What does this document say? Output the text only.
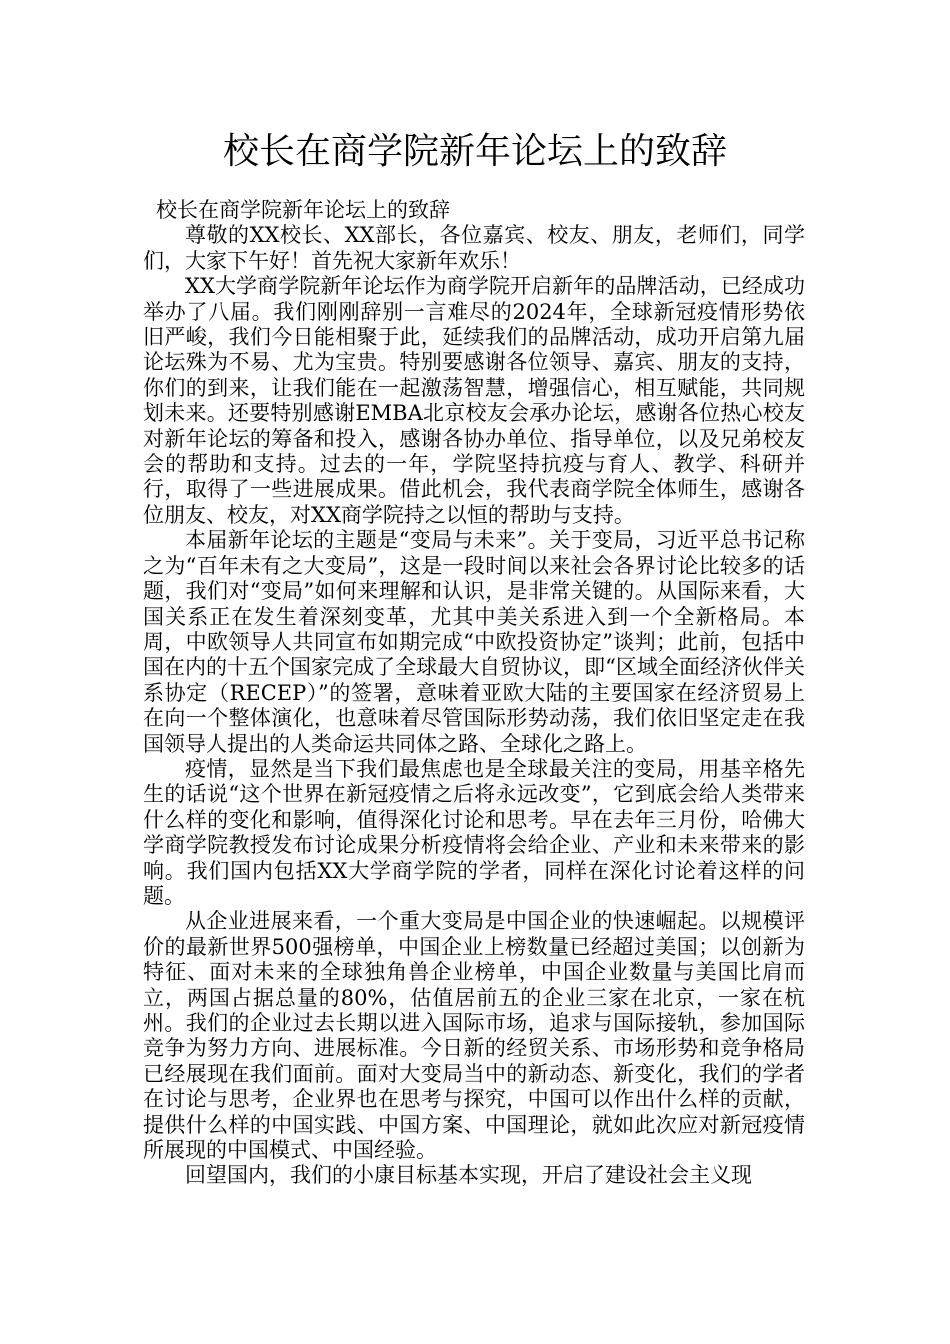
校长在商学院新年论坛上的致辞

校长在商学院新年论坛上的致辞

尊敬的XX校长、XX部长，各位嘉宾、校友、朋友，老师们，同学们，大家下午好！首先祝大家新年欢乐！

XX大学商学院新年论坛作为商学院开启新年的品牌活动，已经成功举办了八届。我们刚刚辞别一言难尽的2024年，全球新冠疫情形势依旧严峻，我们今日能相聚于此，延续我们的品牌活动，成功开启第九届论坛殊为不易、尤为宝贵。特别要感谢各位领导、嘉宾、朋友的支持，你们的到来，让我们能在一起激荡智慧，增强信心，相互赋能，共同规划未来。还要特别感谢EMBA北京校友会承办论坛，感谢各位热心校友对新年论坛的筹备和投入，感谢各协办单位、指导单位，以及兄弟校友会的帮助和支持。过去的一年，学院坚持抗疫与育人、教学、科研并行，取得了一些进展成果。借此机会，我代表商学院全体师生，感谢各位朋友、校友，对XX商学院持之以恒的帮助与支持。

本届新年论坛的主题是“变局与未来”。关于变局，习近平总书记称之为“百年未有之大变局”，这是一段时间以来社会各界讨论比较多的话题，我们对“变局”如何来理解和认识，是非常关键的。从国际来看，大国关系正在发生着深刻变革，尤其中美关系进入到一个全新格局。本周，中欧领导人共同宣布如期完成“中欧投资协定”谈判；此前，包括中国在内的十五个国家完成了全球最大自贸协议，即“区域全面经济伙伴关系协定（RECEP）”的签署，意味着亚欧大陆的主要国家在经济贸易上在向一个整体演化，也意味着尽管国际形势动荡，我们依旧坚定走在我国领导人提出的人类命运共同体之路、全球化之路上。

疫情，显然是当下我们最焦虑也是全球最关注的变局，用基辛格先生的话说“这个世界在新冠疫情之后将永远改变”，它到底会给人类带来什么样的变化和影响，值得深化讨论和思考。早在去年三月份，哈佛大学商学院教授发布讨论成果分析疫情将会给企业、产业和未来带来的影响。我们国内包括XX大学商学院的学者，同样在深化讨论着这样的问题。

从企业进展来看，一个重大变局是中国企业的快速崛起。以规模评价的最新世界500强榜单，中国企业上榜数量已经超过美国；以创新为特征、面对未来的全球独角兽企业榜单，中国企业数量与美国比肩而立，两国占据总量的80%，估值居前五的企业三家在北京，一家在杭州。我们的企业过去长期以进入国际市场，追求与国际接轨，参加国际竞争为努力方向、进展标准。今日新的经贸关系、市场形势和竞争格局已经展现在我们面前。面对大变局当中的新动态、新变化，我们的学者在讨论与思考，企业界也在思考与探究，中国可以作出什么样的贡献，提供什么样的中国实践、中国方案、中国理论，就如此次应对新冠疫情所展现的中国模式、中国经验。

回望国内，我们的小康目标基本实现，开启了建设社会主义现
